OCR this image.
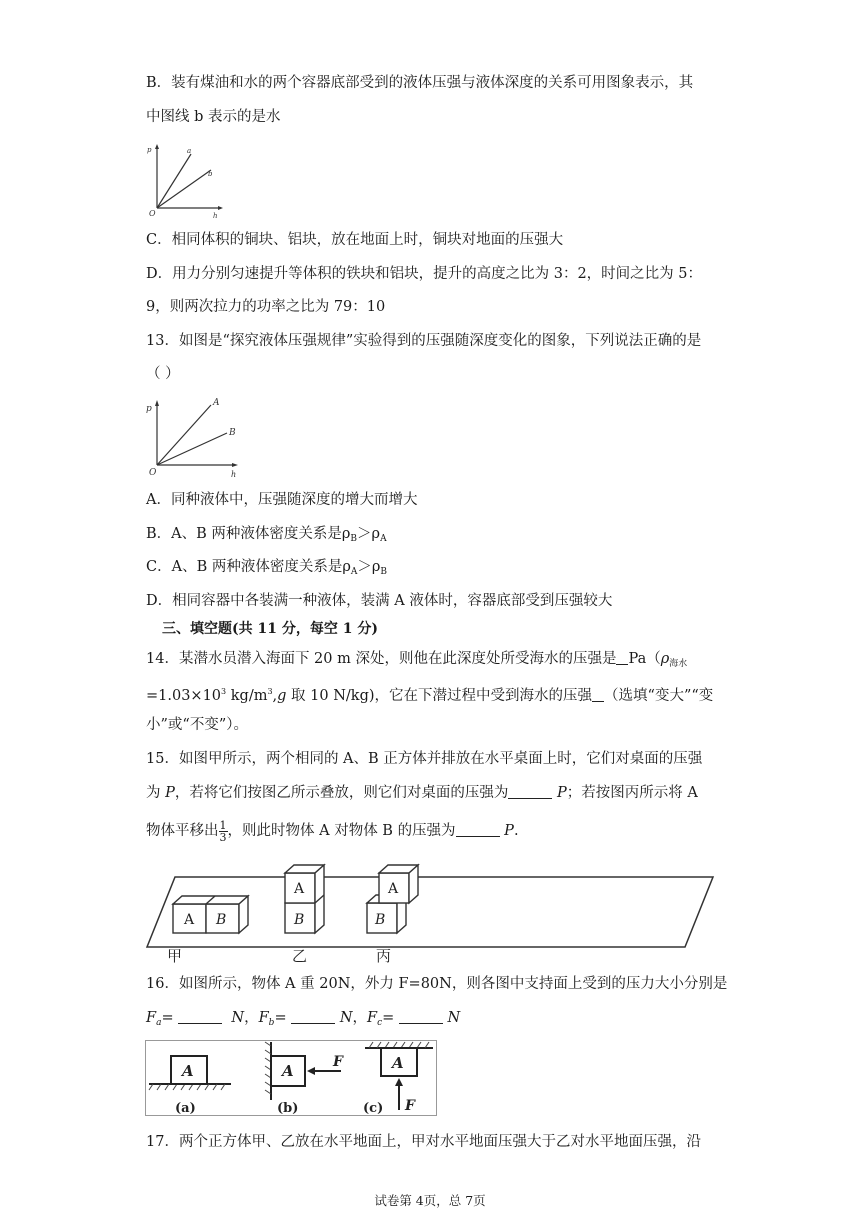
B．装有煤油和水的两个容器底部受到的液体压强与液体深度的关系可用图象表示，其
中图线 b 表示的是水
p
O	h
a
b
C．相同体积的铜块、铝块，放在地面上时，铜块对地面的压强大
D．用力分别匀速提升等体积的铁块和铝块，提升的高度之比为 3：2，时间之比为 5：
9，则两次拉力的功率之比为 79：10
13．如图是“探究液体压强规律”实验得到的压强随深度变化的图象，下列说法正确的是
（ ）
p
O	h
A
B
A．同种液体中，压强随深度的增大而增大
B．A、B 两种液体密度关系是$\rho_B>\rho_A$
C．A、B 两种液体密度关系是$\rho_A>\rho_B$
D．相同容器中各装满一种液体，装满 A 液体时，容器底部受到压强较大
三、填空题(共 11 分，每空 1 分)
14．某潜水员潜入海面下 20 m 深处，则他在此深度处所受海水的压强是 $Pa(\rho_{海水}$
$=1.03\times 10^3$ $kg/m^3,g$ 取 10 N/kg)，它在下潜过程中受到海水的压强 （选填“变大”“变
小”或“不变”）。
15．如图甲所示，两个相同的 A、B 正方体并排放在水平桌面上时，它们对桌面的压强
为 P，若将它们按图乙所示叠放，则它们对桌面的压强为	P；若按图丙所示将 A
物体平移出 $\frac{1}{3}$ ，则此时物体 A 对物体 B 的压强为	P.
A B
A
B
A
B
甲	乙	丙
16．如图所示，物体 A 重 20N，外力 F=80N，则各图中支持面上受到的压力大小分别是
$F_a=$	N，$F_b=$	N，$F_c=$	N
A
(a)
A	F
(b)
A
F
(c)
17．两个正方体甲、乙放在水平地面上，甲对水平地面压强大于乙对水平地面压强，沿
试卷第 4页，总 7页
